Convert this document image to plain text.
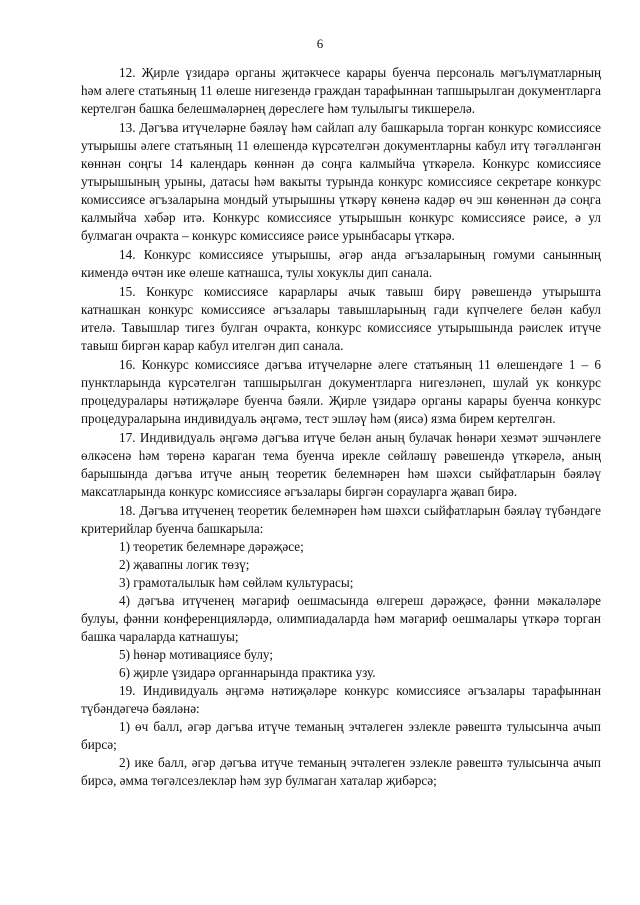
6

12. Җирле үзидарә органы җитәкчесе карары буенча персональ мәгълүматларның һәм әлеге статьяның 11 өлеше нигезендә граждан тарафыннан тапшырылган документларга кертелгән башка белешмәләрнең дөреслеге һәм тулылыгы тикшерелә.

13. Дәгъва итүчеләрне бәяләү һәм сайлап алу башкарыла торган конкурс комиссиясе утырышы әлеге статьяның 11 өлешендә күрсәтелгән документларны кабул итү тәгәлләнгән көннән соңгы 14 календарь көннән дә соңга калмыйча үткәрелә. Конкурс комиссиясе утырышының урыны, датасы һәм вакыты турында конкурс комиссиясе секретаре конкурс комиссиясе әгъзаларына мондый утырышны үткәрү көненә кадәр өч эш көненнән дә соңга калмыйча хәбәр итә. Конкурс комиссиясе утырышын конкурс комиссиясе рәисе, ә ул булмаган очракта – конкурс комиссиясе рәисе урынбасары үткәрә.

14. Конкурс комиссиясе утырышы, әгәр анда әгъзаларының гомуми санынның кимендә өчтән ике өлеше катнашса, тулы хокуклы дип санала.

15. Конкурс комиссиясе карарлары ачык тавыш бирү рәвешендә утырышта катнашкан конкурс комиссиясе әгъзалары тавышларының гади күпчелеге белән кабул ителә. Тавышлар тигез булган очракта, конкурс комиссиясе утырышында рәислек итүче тавыш биргән карар кабул ителгән дип санала.

16. Конкурс комиссиясе дәгъва итүчеләрне әлеге статьяның 11 өлешендәге 1 – 6 пунктларында күрсәтелгән тапшырылган документларга нигезләнеп, шулай ук конкурс процедуралары нәтиҗәләре буенча бәяли. Җирле үзидарә органы карары буенча конкурс процедураларына индивидуаль әңгәмә, тест эшләү һәм (яисә) язма бирем кертелгән.

17. Индивидуаль әңгәмә дәгъва итүче белән аның булачак һөнәри хезмәт эшчәнлеге өлкәсенә һәм төренә караган тема буенча иреклe сөйләшү рәвешендә үткәрелә, аның барышында дәгъва итүче аның теоретик белемнәрен һәм шәхси сыйфатларын бәяләү максатларында конкурс комиссиясе әгъзалары биргән сорауларга җавап бирә.

18. Дәгъва итүченең теоретик белемнәрен һәм шәхси сыйфатларын бәяләү түбәндәге критерийлар буенча башкарыла:

1) теоретик белемнәре дәрәҗәсе;

2) җавапны логик төзү;

3) грамоталылык һәм сөйләм культурасы;

4) дәгъва итүченең мәгариф оешмасында өлгереш дәрәҗәсе, фәнни мәкаләләре булуы, фәнни конференцияләрдә, олимпиадаларда һәм мәгариф оешмалары үткәрә торган башка чараларда катнашуы;

5) һөнәр мотивациясе булу;

6) җирле үзидарә органнарында практика узу.

19. Индивидуаль әңгәмә нәтиҗәләре конкурс комиссиясе әгъзалары тарафыннан түбәндәгечә бәяләнә:

1) өч балл, әгәр дәгъва итүче теманың эчтәлеген эзлекле рәвештә тулысынча ачып бирсә;

2) ике балл, әгәр дәгъва итүче теманың эчтәлеген эзлекле рәвештә тулысынча ачып бирсә, әмма төгәлсезлекләр һәм зур булмаган хаталар җибәрсә;
